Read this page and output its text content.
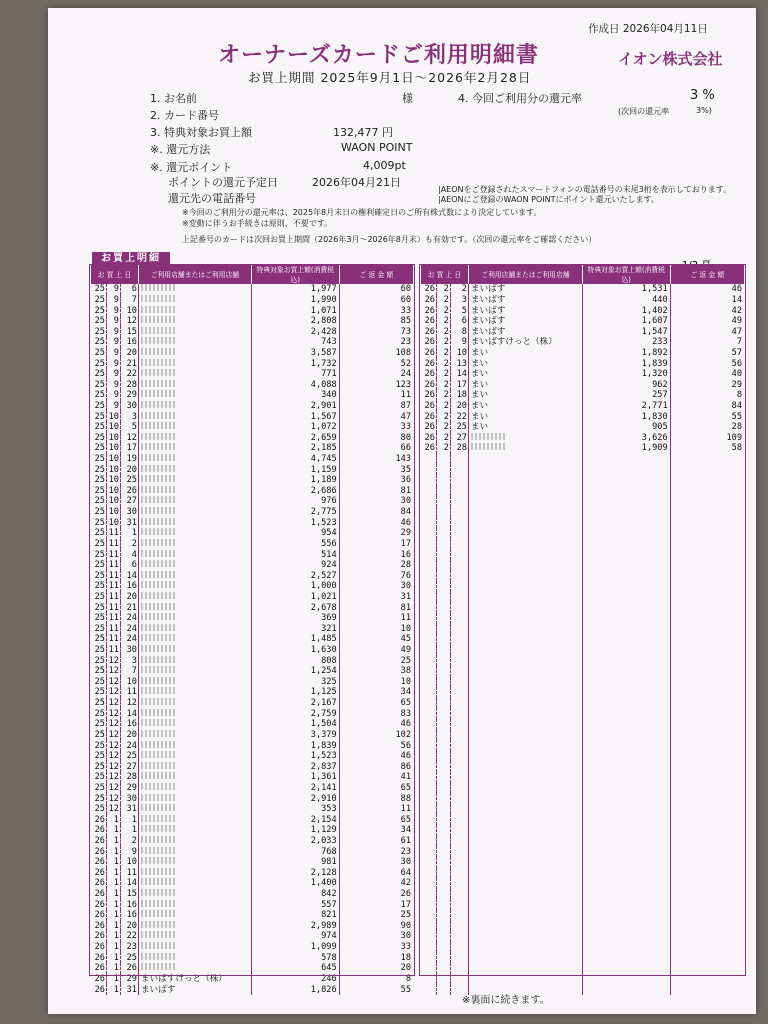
作成日 2026年04月11日
オーナーズカードご利用明細書	イオン株式会社
お買上期間 2025年9月1日～2026年2月28日
1. お名前	様	4. 今回ご利用分の還元率	3 %
(次回の還元率	3%)
2. カード番号
3. 特典対象お買上額	132,477 円
※. 還元方法	WAON POINT
※. 還元ポイント	4,009pt
ポイントの還元予定日	2026年04月21日
還元先の電話番号
|AEONをご登録されたスマートフォンの電話番号の末尾3桁を表示しております。
|AEONにご登録のWAON POINTにポイント還元いたします。
※今回のご利用分の還元率は、2025年8月末日の権利確定日のご所有株式数により決定しています。
※変動に伴うお手続きは原則、不要です。
上記番号のカードは次回お買上期間（2026年3月～2026年8月末）も有効です。（次回の還元率をご確認ください）
お買上明細
お 買 上 日			ご利用店舗またはご利用店舗	特典対象お買上額(消費税込)	ご 返 金 額
25	9	6		1,977	60
25	9	7		1,990	60
25	9	10		1,071	33
25	9	12		2,808	85
25	9	15		2,428	73
25	9	16		743	23
25	9	20		3,587	108
25	9	21		1,732	52
25	9	22		771	24
25	9	28		4,088	123
25	9	29		340	11
25	9	30		2,901	87
25	10	3		1,567	47
25	10	5		1,072	33
25	10	12		2,659	80
25	10	17		2,185	66
25	10	19		4,745	143
25	10	20		1,159	35
25	10	25		1,189	36
25	10	26		2,686	81
25	10	27		976	30
25	10	30		2,775	84
25	10	31		1,523	46
25	11	1		954	29
25	11	2		556	17
25	11	4		514	16
25	11	6		924	28
25	11	14		2,527	76
25	11	16		1,000	30
25	11	20		1,021	31
25	11	21		2,678	81
25	11	24		369	11
25	11	24		321	10
25	11	24		1,485	45
25	11	30		1,630	49
25	12	3		808	25
25	12	7		1,254	38
25	12	10		325	10
25	12	11		1,125	34
25	12	12		2,167	65
25	12	14		2,759	83
25	12	16		1,504	46
25	12	20		3,379	102
25	12	24		1,839	56
25	12	25		1,523	46
25	12	27		2,837	86
25	12	28		1,361	41
25	12	29		2,141	65
25	12	30		2,910	88
25	12	31		353	11
26	1	1		2,154	65
26	1	1		1,129	34
26	1	2		2,033	61
26	1	9		768	23
26	1	10		981	30
26	1	11		2,128	64
26	1	14		1,400	42
26	1	15		842	26
26	1	16		557	17
26	1	16		821	25
26	1	20		2,989	90
26	1	22		974	30
26	1	23		1,099	33
26	1	25		578	18
26	1	26		645	20
26	1	29	まいばすけっと（株）	246	8
26	1	31	まいばす	1,826	55
お 買 上 日			ご利用店舗またはご利用店舗	特典対象お買上額(消費税込)	ご 返 金 額
26	2	2	まいばす	1,531	46
26	2	3	まいばす	440	14
26	2	5	まいばす	1,402	42
26	2	6	まいばす	1,607	49
26	2	8	まいばす	1,547	47
26	2	9	まいばすけっと（株）	233	7
26	2	10	まい	1,892	57
26	2	13	まい	1,839	56
26	2	14	まい	1,320	40
26	2	17	まい	962	29
26	2	18	まい	257	8
26	2	20	まい	2,771	84
26	2	22	まい	1,830	55
26	2	25	まい	905	28
26	2	27		3,626	109
26	2	28		1,909	58

※裏面に続きます。
